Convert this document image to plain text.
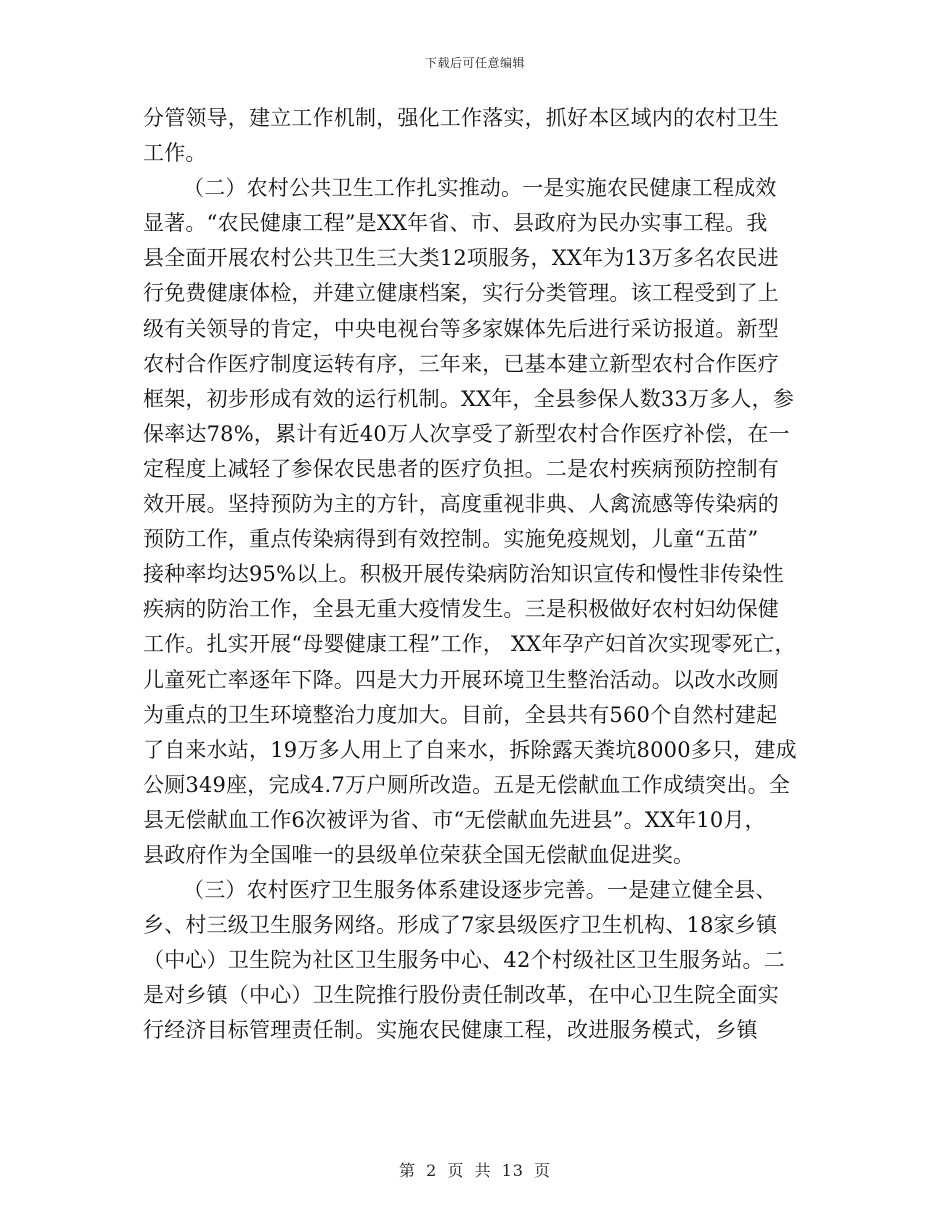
下载后可任意编辑
分管领导，建立工作机制，强化工作落实，抓好本区域内的农村卫生
工作。
（二）农村公共卫生工作扎实推动。一是实施农民健康工程成效
显著。“农民健康工程”是XX年省、市、县政府为民办实事工程。我
县全面开展农村公共卫生三大类12项服务，XX年为13万多名农民进
行免费健康体检，并建立健康档案，实行分类管理。该工程受到了上
级有关领导的肯定，中央电视台等多家媒体先后进行采访报道。新型
农村合作医疗制度运转有序，三年来，已基本建立新型农村合作医疗
框架，初步形成有效的运行机制。XX年，全县参保人数33万多人，参
保率达78%，累计有近40万人次享受了新型农村合作医疗补偿，在一
定程度上减轻了参保农民患者的医疗负担。二是农村疾病预防控制有
效开展。坚持预防为主的方针，高度重视非典、人禽流感等传染病的
预防工作，重点传染病得到有效控制。实施免疫规划，儿童“五苗”
接种率均达95%以上。积极开展传染病防治知识宣传和慢性非传染性
疾病的防治工作，全县无重大疫情发生。三是积极做好农村妇幼保健
工作。扎实开展“母婴健康工程”工作， XX年孕产妇首次实现零死亡，
儿童死亡率逐年下降。四是大力开展环境卫生整治活动。以改水改厕
为重点的卫生环境整治力度加大。目前，全县共有560个自然村建起
了自来水站，19万多人用上了自来水，拆除露天粪坑8000多只，建成
公厕349座，完成4.7万户厕所改造。五是无偿献血工作成绩突出。全
县无偿献血工作6次被评为省、市“无偿献血先进县”。XX年10月，
县政府作为全国唯一的县级单位荣获全国无偿献血促进奖。
（三）农村医疗卫生服务体系建设逐步完善。一是建立健全县、
乡、村三级卫生服务网络。形成了7家县级医疗卫生机构、18家乡镇
（中心）卫生院为社区卫生服务中心、42个村级社区卫生服务站。二
是对乡镇（中心）卫生院推行股份责任制改革，在中心卫生院全面实
行经济目标管理责任制。实施农民健康工程，改进服务模式，乡镇
第 2 页 共 13 页
